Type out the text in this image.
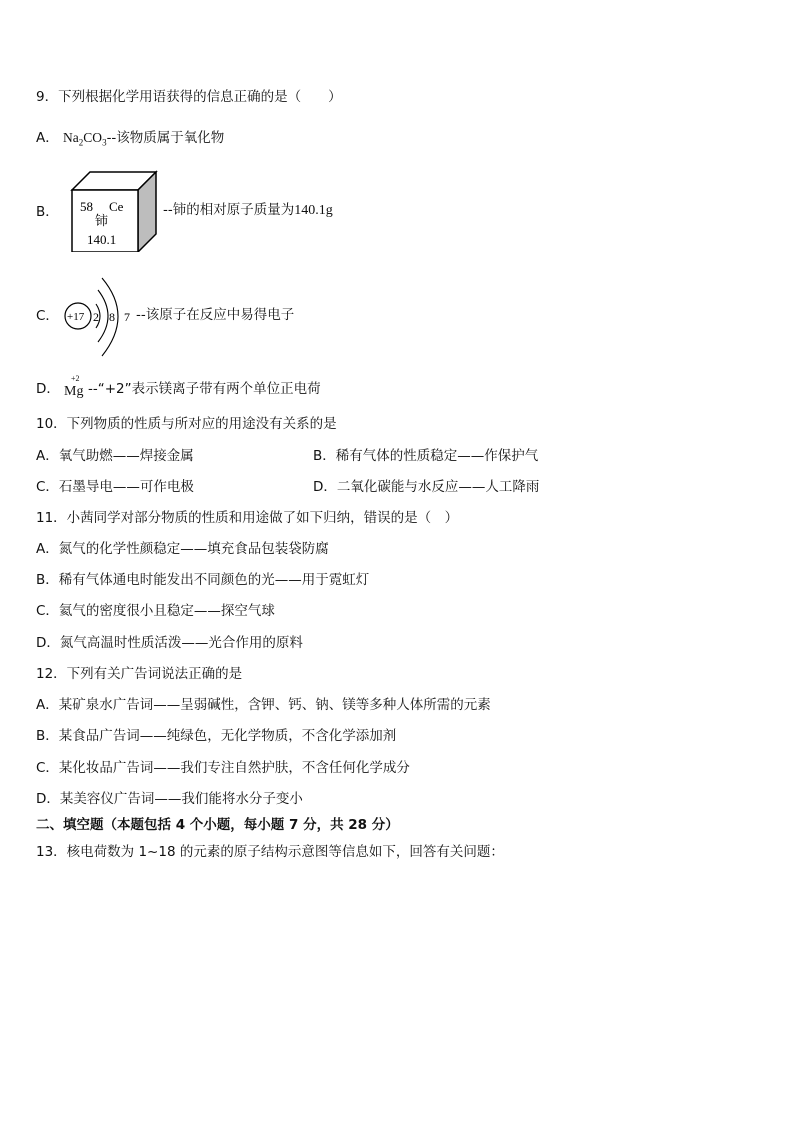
9．下列根据化学用语获得的信息正确的是（　　）
A． $Na_2CO_3--$该物质属于氧化物
B． 58 Ce
铈
140.1
--铈的相对原子质量为140.1g
C． +17 2 8 7 --该原子在反应中易得电子
D．
+2
Mg --“+2”表示镁离子带有两个单位正电荷
10．下列物质的性质与所对应的用途没有关系的是
A．氧气助燃——焊接金属	B．稀有气体的性质稳定——作保护气
C．石墨导电——可作电极	D．二氧化碳能与水反应——人工降雨
11．小茜同学对部分物质的性质和用途做了如下归纳，错误的是（　）
A．氮气的化学性颜稳定——填充食品包装袋防腐
B．稀有气体通电时能发出不同颜色的光——用于霓虹灯
C．氦气的密度很小且稳定——探空气球
D．氮气高温时性质活泼——光合作用的原料
12．下列有关广告词说法正确的是
A．某矿泉水广告词——呈弱碱性，含钾、钙、钠、镁等多种人体所需的元素
B．某食品广告词——纯绿色，无化学物质，不含化学添加剂
C．某化妆品广告词——我们专注自然护肤，不含任何化学成分
D．某美容仪广告词——我们能将水分子变小
二、填空题（本题包括 4 个小题，每小题 7 分，共 28 分）
13．核电荷数为 1~18 的元素的原子结构示意图等信息如下，回答有关问题：
